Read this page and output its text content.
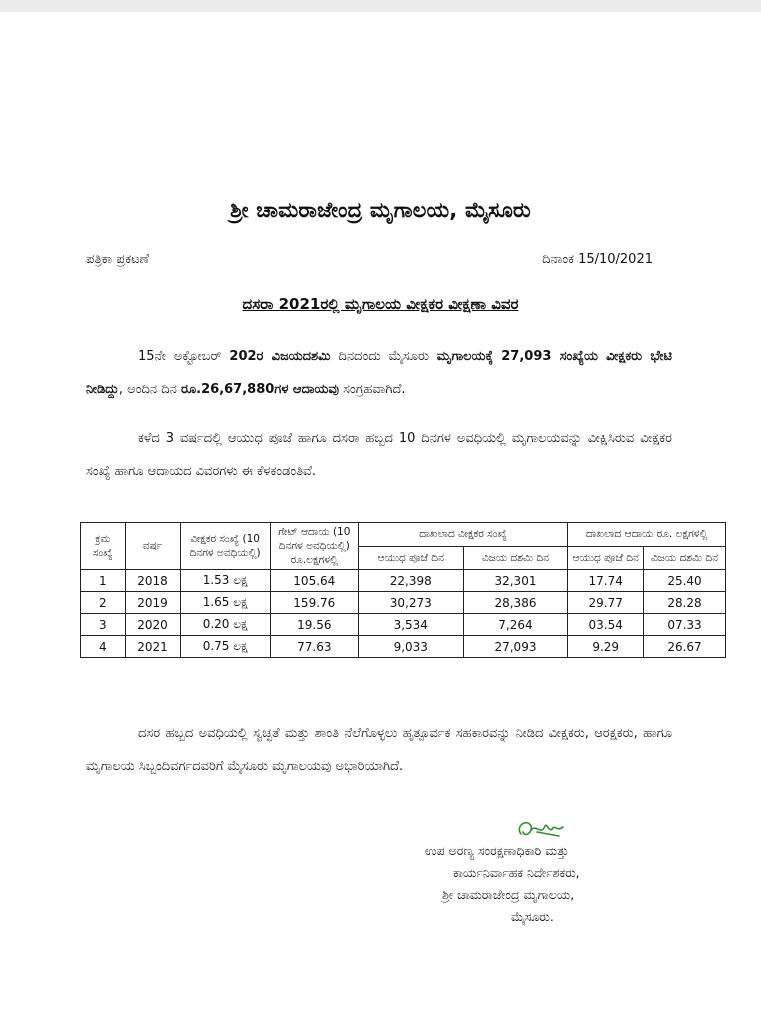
ಶ್ರೀ ಚಾಮರಾಜೇಂದ್ರ ಮೃಗಾಲಯ, ಮೈಸೂರು
ಪತ್ರಿಕಾ ಪ್ರಕಟಣೆ	ದಿನಾಂಕ 15/10/2021
ದಸರಾ 2021ರಲ್ಲಿ ಮೃಗಾಲಯ ವೀಕ್ಷಕರ ವೀಕ್ಷಣಾ ವಿವರ
15ನೇ ಅಕ್ಟೋಬರ್ 202ರ ವಿಜಯದಶಮಿ ದಿನದಂದು ಮೈಸೂರು ಮೃಗಾಲಯಕ್ಕೆ 27,093 ಸಂಖ್ಯೆಯ ವೀಕ್ಷಕರು ಭೇಟಿ ನೀಡಿದ್ದು, ಅಂದಿನ ದಿನ ರೂ.26,67,880ಗಳ ಆದಾಯವು ಸಂಗ್ರಹವಾಗಿದೆ.
ಕಳೆದ 3 ವರ್ಷದಲ್ಲಿ ಆಯುಧ ಪೂಜೆ ಹಾಗೂ ದಸರಾ ಹಬ್ಬದ 10 ದಿನಗಳ ಅವಧಿಯಲ್ಲಿ ಮೃಗಾಲಯವನ್ನು ವೀಕ್ಷಿಸಿರುವ ವೀಕ್ಷಕರ ಸಂಖ್ಯೆ ಹಾಗೂ ಆದಾಯದ ವಿವರಗಳು ಈ ಕೆಳಕಂಡಂತಿವೆ.
ಕ್ರಮ ಸಂಖ್ಯೆ	ವರ್ಷ	ವೀಕ್ಷಕರ ಸಂಖ್ಯೆ (10 ದಿನಗಳ ಅವಧಿಯಲ್ಲಿ)	ಗೇಟ್ ಆದಾಯ (10 ದಿನಗಳ ಅವಧಿಯಲ್ಲಿ) ರೂ.ಲಕ್ಷಗಳಲ್ಲಿ	ದಾಖಲಾದ ವೀಕ್ಷಕರ ಸಂಖ್ಯೆ		ದಾಖಲಾದ ಆದಾಯ ರೂ. ಲಕ್ಷಗಳಲ್ಲಿ	
				ಆಯುಧ ಪೂಜೆ ದಿನ	ವಿಜಯ ದಶಮಿ ದಿನ	ಆಯುಧ ಪೂಜೆ ದಿನ	ವಿಜಯ ದಶಮಿ ದಿನ
1	2018	1.53 ಲಕ್ಷ	105.64	22,398	32,301	17.74	25.40
2	2019	1.65 ಲಕ್ಷ	159.76	30,273	28,386	29.77	28.28
3	2020	0.20 ಲಕ್ಷ	19.56	3,534	7,264	03.54	07.33
4	2021	0.75 ಲಕ್ಷ	77.63	9,033	27,093	9.29	26.67
ದಸರ ಹಬ್ಬದ ಅವಧಿಯಲ್ಲಿ ಸ್ವಚ್ಛತೆ ಮತ್ತು ಶಾಂತಿ ನೆಲೆಗೊಳ್ಳಲು ಹೃತ್ಪೂರ್ವಕ ಸಹಕಾರವನ್ನು ನೀಡಿದ ವೀಕ್ಷಕರು, ಆರಕ್ಷಕರು, ಹಾಗೂ ಮೃಗಾಲಯ ಸಿಬ್ಬಂದಿವರ್ಗದವರಿಗೆ ಮೈಸೂರು ಮೃಗಾಲಯವು ಅಭಾರಿಯಾಗಿದೆ.
ಉಪ ಅರಣ್ಯ ಸಂರಕ್ಷಣಾಧಿಕಾರಿ ಮತ್ತು
ಕಾರ್ಯನಿರ್ವಾಹಕ ನಿರ್ದೇಶಕರು,
ಶ್ರೀ ಚಾಮರಾಜೇಂದ್ರ ಮೃಗಾಲಯ,
ಮೈಸೂರು.
